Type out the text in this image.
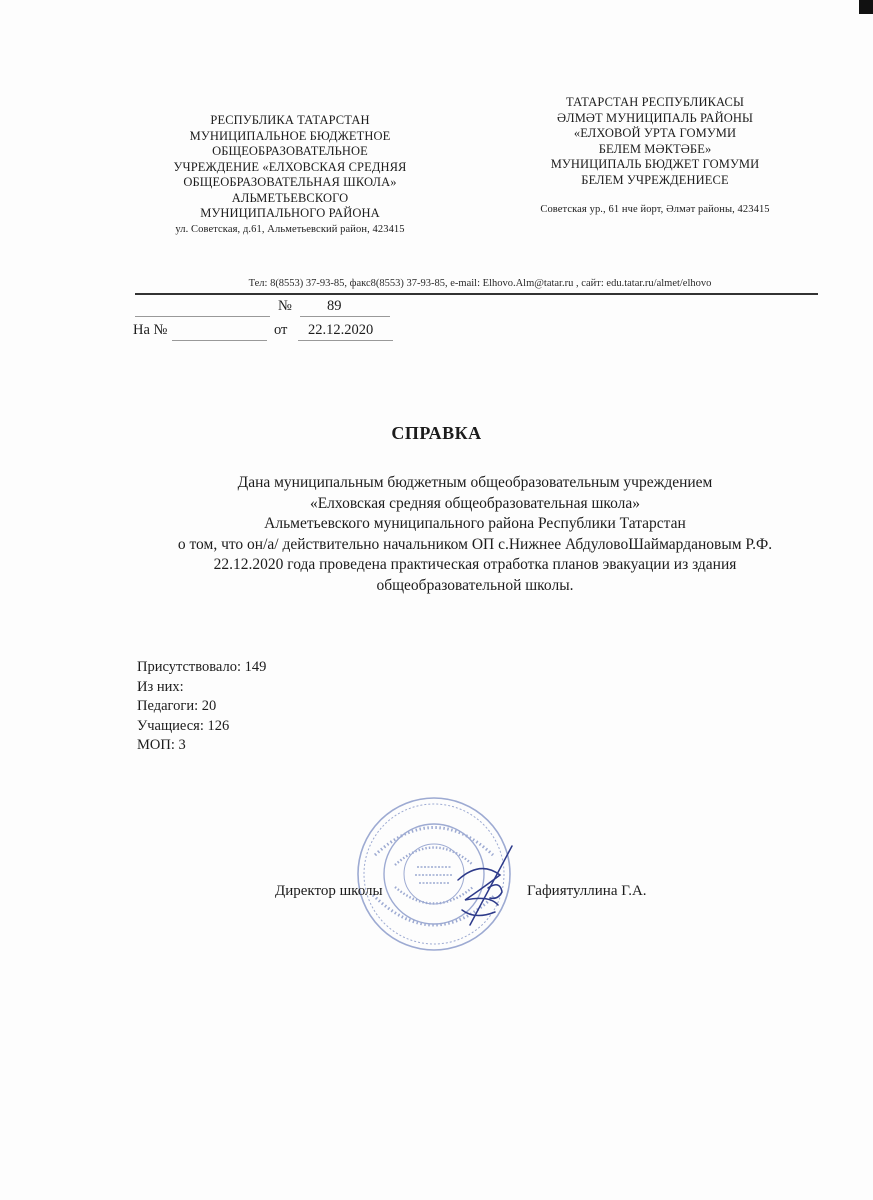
РЕСПУБЛИКА ТАТАРСТАН
МУНИЦИПАЛЬНОЕ БЮДЖЕТНОЕ
ОБЩЕОБРАЗОВАТЕЛЬНОЕ
УЧРЕЖДЕНИЕ «ЕЛХОВСКАЯ СРЕДНЯЯ
ОБЩЕОБРАЗОВАТЕЛЬНАЯ ШКОЛА»
АЛЬМЕТЬЕВСКОГО
МУНИЦИПАЛЬНОГО РАЙОНА
ул. Советская, д.61, Альметьевский район, 423415
ТАТАРСТАН РЕСПУБЛИКАСЫ
ӘЛМӘТ МУНИЦИПАЛЬ РАЙОНЫ
«ЕЛХОВОЙ УРТА ГОМУМИ
БЕЛЕМ МӘКТӘБЕ»
МУНИЦИПАЛЬ БЮДЖЕТ ГОМУМИ
БЕЛЕМ УЧРЕЖДЕНИЕСЕ
Советская ур., 61 нче йорт, Әлмәт районы, 423415
Тел: 8(8553) 37-93-85, факс8(8553) 37-93-85, e-mail: Elhovo.Alm@tatar.ru , сайт: edu.tatar.ru/almet/elhovo
№ 89
На №	от 22.12.2020
СПРАВКА
Дана муниципальным бюджетным общеобразовательным учреждением
«Елховская средняя общеобразовательная школа»
Альметьевского муниципального района Республики Татарстан
о том, что он/а/ действительно начальником ОП с.Нижнее АбдуловоШаймардановым Р.Ф.
22.12.2020 года проведена практическая отработка планов эвакуации из здания
общеобразовательной школы.
Присутствовало: 149
Из них:
Педагоги: 20
Учащиеся: 126
МОП: 3
Директор школы	Гафиятуллина Г.А.
